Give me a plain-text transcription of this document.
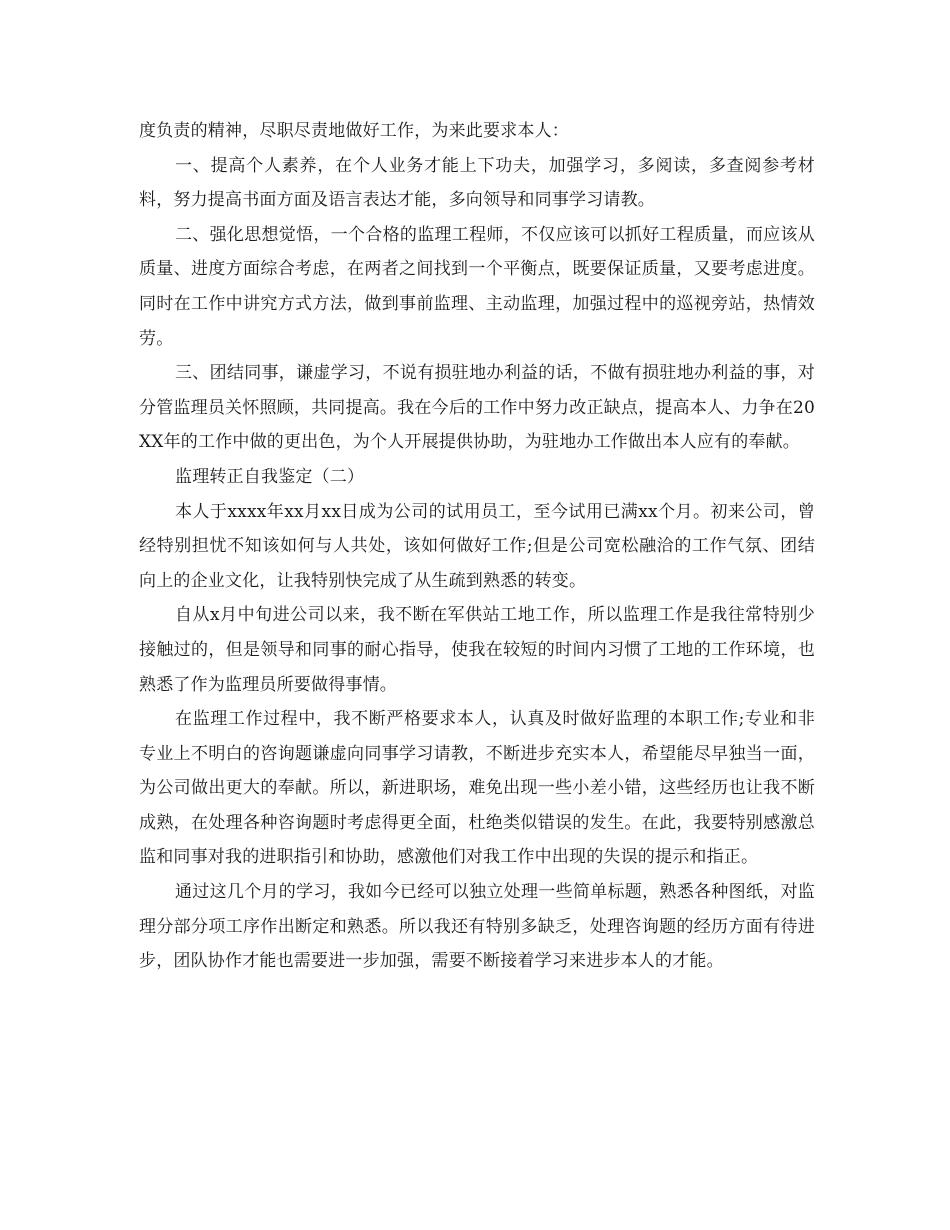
度负责的精神，尽职尽责地做好工作，为来此要求本人：

一、提高个人素养，在个人业务才能上下功夫，加强学习，多阅读，多查阅参考材料，努力提高书面方面及语言表达才能，多向领导和同事学习请教。

二、强化思想觉悟，一个合格的监理工程师，不仅应该可以抓好工程质量，而应该从质量、进度方面综合考虑，在两者之间找到一个平衡点，既要保证质量，又要考虑进度。同时在工作中讲究方式方法，做到事前监理、主动监理，加强过程中的巡视旁站，热情效劳。

三、团结同事，谦虚学习，不说有损驻地办利益的话，不做有损驻地办利益的事，对分管监理员关怀照顾，共同提高。我在今后的工作中努力改正缺点，提高本人、力争在20XX年的工作中做的更出色，为个人开展提供协助，为驻地办工作做出本人应有的奉献。

监理转正自我鉴定（二）

本人于xxxx年xx月xx日成为公司的试用员工，至今试用已满xx个月。初来公司，曾经特别担忧不知该如何与人共处，该如何做好工作;但是公司宽松融洽的工作气氛、团结向上的企业文化，让我特别快完成了从生疏到熟悉的转变。

自从x月中旬进公司以来，我不断在军供站工地工作，所以监理工作是我往常特别少接触过的，但是领导和同事的耐心指导，使我在较短的时间内习惯了工地的工作环境，也熟悉了作为监理员所要做得事情。

在监理工作过程中，我不断严格要求本人，认真及时做好监理的本职工作;专业和非专业上不明白的咨询题谦虚向同事学习请教，不断进步充实本人，希望能尽早独当一面，为公司做出更大的奉献。所以，新进职场，难免出现一些小差小错，这些经历也让我不断成熟，在处理各种咨询题时考虑得更全面，杜绝类似错误的发生。在此，我要特别感激总监和同事对我的进职指引和协助，感激他们对我工作中出现的失误的提示和指正。

通过这几个月的学习，我如今已经可以独立处理一些简单标题，熟悉各种图纸，对监理分部分项工序作出断定和熟悉。所以我还有特别多缺乏，处理咨询题的经历方面有待进步，团队协作才能也需要进一步加强，需要不断接着学习来进步本人的才能。
